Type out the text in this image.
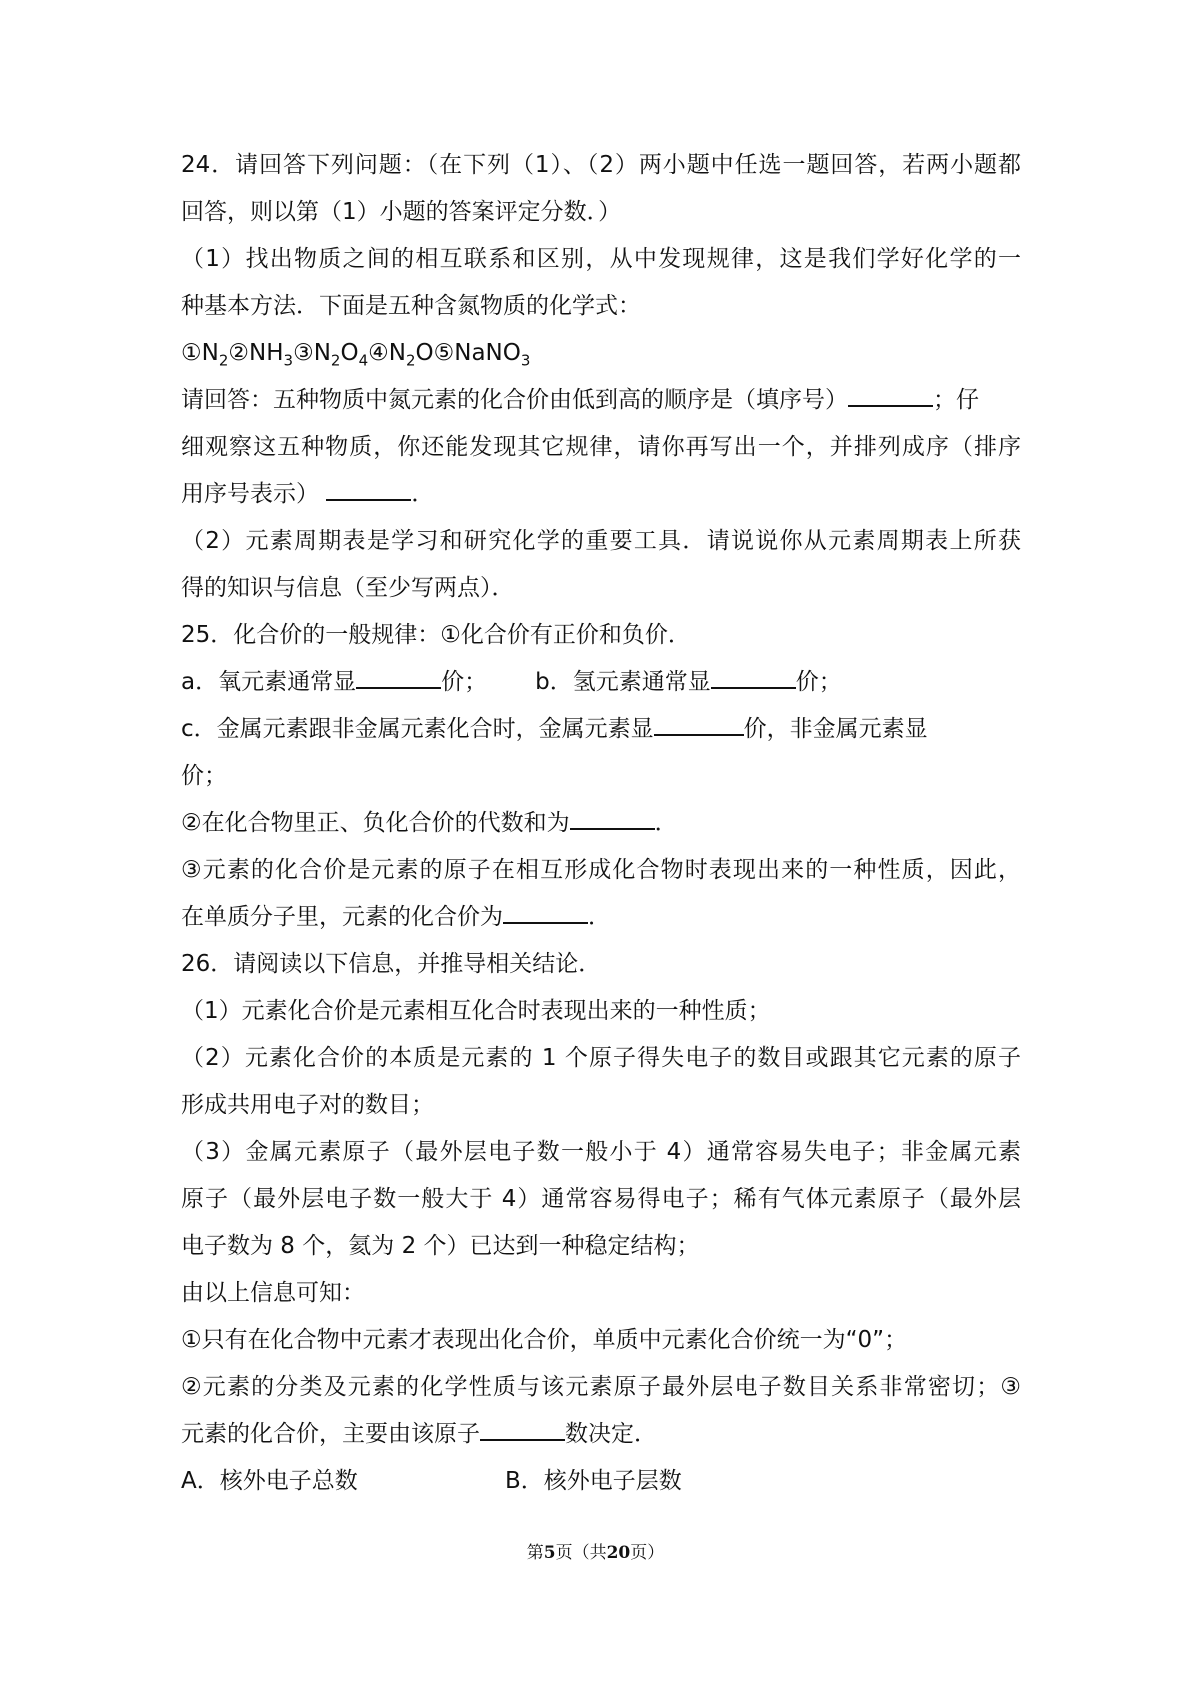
24．请回答下列问题：（在下列（1）、（2）两小题中任选一题回答，若两小题都
回答，则以第（1）小题的答案评定分数．）
（1）找出物质之间的相互联系和区别，从中发现规律，这是我们学好化学的一
种基本方法．下面是五种含氮物质的化学式：
$①N_2②NH_3③N_2O_4④N_2O⑤NaNO_3$
请回答：五种物质中氮元素的化合价由低到高的顺序是（填序号）	；仔
细观察这五种物质，你还能发现其它规律，请你再写出一个，并排列成序（排序
用序号表示）	．
（2）元素周期表是学习和研究化学的重要工具．请说说你从元素周期表上所获
得的知识与信息（至少写两点）．
25．化合价的一般规律：①化合价有正价和负价．
a．氧元素通常显	价； b．氢元素通常显	价；
c．金属元素跟非金属元素化合时，金属元素显	价，非金属元素显
价；
②在化合物里正、负化合价的代数和为	．
③元素的化合价是元素的原子在相互形成化合物时表现出来的一种性质，因此，
在单质分子里，元素的化合价为	．
26．请阅读以下信息，并推导相关结论．
（1）元素化合价是元素相互化合时表现出来的一种性质；
（2）元素化合价的本质是元素的 1 个原子得失电子的数目或跟其它元素的原子
形成共用电子对的数目；
（3）金属元素原子（最外层电子数一般小于 4）通常容易失电子；非金属元素
原子（最外层电子数一般大于 4）通常容易得电子；稀有气体元素原子（最外层
电子数为 8 个，氦为 2 个）已达到一种稳定结构；
由以上信息可知：
①只有在化合物中元素才表现出化合价，单质中元素化合价统一为“0”；
②元素的分类及元素的化学性质与该元素原子最外层电子数目关系非常密切；③
元素的化合价，主要由该原子	数决定．
A．核外电子总数	B．核外电子层数
第5页（共20页）
